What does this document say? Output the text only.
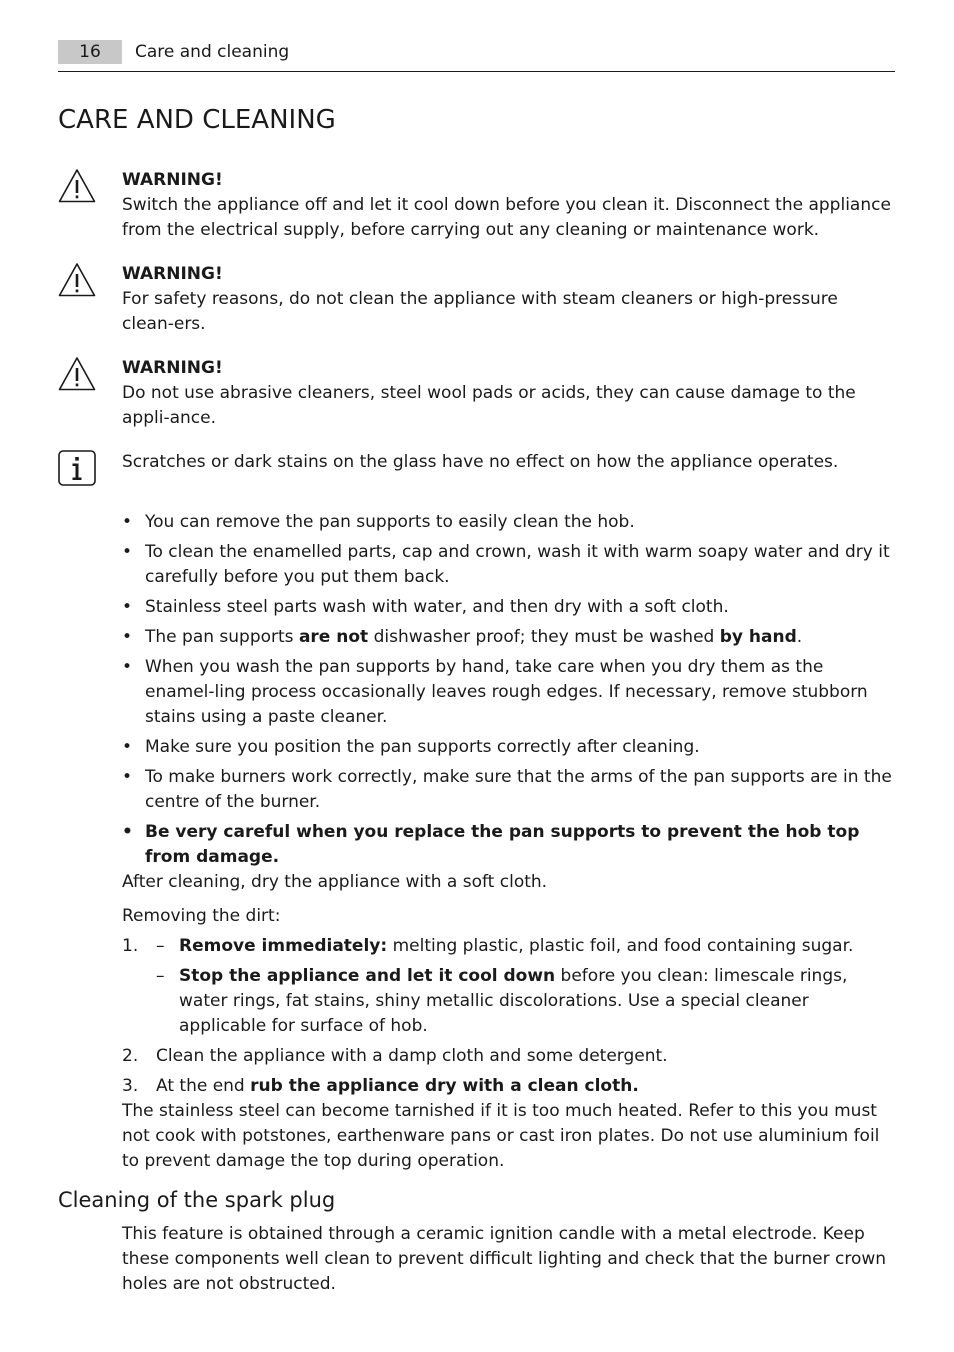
16	Care and cleaning
CARE AND CLEANING
WARNING!
Switch the appliance off and let it cool down before you clean it. Disconnect the appliance from the electrical supply, before carrying out any cleaning or maintenance work.
WARNING!
For safety reasons, do not clean the appliance with steam cleaners or high-pressure clean-ers.
WARNING!
Do not use abrasive cleaners, steel wool pads or acids, they can cause damage to the appli-ance.
Scratches or dark stains on the glass have no effect on how the appliance operates.
• You can remove the pan supports to easily clean the hob.
• To clean the enamelled parts, cap and crown, wash it with warm soapy water and dry it carefully before you put them back.
• Stainless steel parts wash with water, and then dry with a soft cloth.
• The pan supports are not dishwasher proof; they must be washed by hand.
• When you wash the pan supports by hand, take care when you dry them as the enamel-ling process occasionally leaves rough edges. If necessary, remove stubborn stains using a paste cleaner.
• Make sure you position the pan supports correctly after cleaning.
• To make burners work correctly, make sure that the arms of the pan supports are in the centre of the burner.
• Be very careful when you replace the pan supports to prevent the hob top from damage.

After cleaning, dry the appliance with a soft cloth.

Removing the dirt:

1. – Remove immediately: melting plastic, plastic foil, and food containing sugar.
– Stop the appliance and let it cool down before you clean: limescale rings, water rings, fat stains, shiny metallic discolorations. Use a special cleaner applicable for surface of hob.
2. Clean the appliance with a damp cloth and some detergent.
3. At the end rub the appliance dry with a clean cloth.

The stainless steel can become tarnished if it is too much heated. Refer to this you must not cook with potstones, earthenware pans or cast iron plates. Do not use aluminium foil to prevent damage the top during operation.

Cleaning of the spark plug

This feature is obtained through a ceramic ignition candle with a metal electrode. Keep these components well clean to prevent difficult lighting and check that the burner crown holes are not obstructed.
